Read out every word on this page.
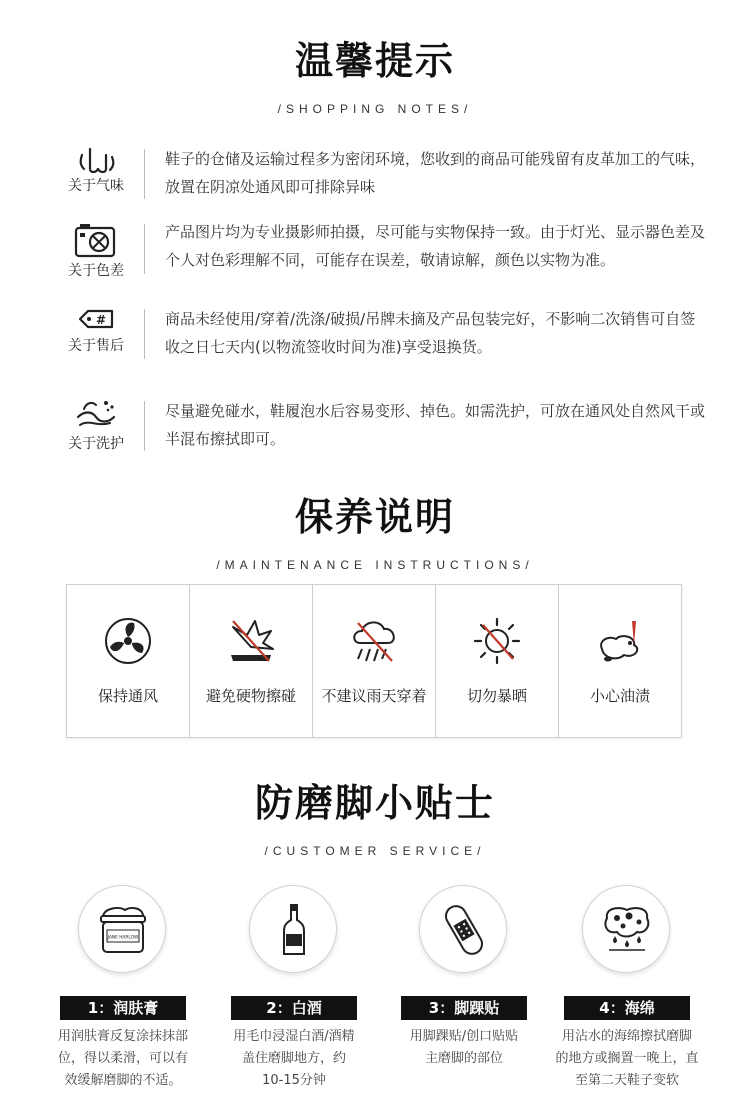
温馨提示
/SHOPPING NOTES/
关于气味
鞋子的仓储及运输过程多为密闭环境，您收到的商品可能残留有皮革加工的气味，放置在阴凉处通风即可排除异味
关于色差
产品图片均为专业摄影师拍摄，尽可能与实物保持一致。由于灯光、显示器色差及个人对色彩理解不同，可能存在误差，敬请谅解，颜色以实物为准。
#
关于售后
商品未经使用/穿着/洗涤/破损/吊牌未摘及产品包装完好，不影响二次销售可自签收之日七天内(以物流签收时间为准)享受退换货。
关于洗护
尽量避免碰水，鞋履泡水后容易变形、掉色。如需洗护，可放在通风处自然风干或半混布擦拭即可。
保养说明
/MAINTENANCE INSTRUCTIONS/
保持通风	避免硬物擦碰	不建议雨天穿着	切勿暴晒	小心油渍
防磨脚小贴士
/CUSTOMER SERVICE/
JANE HARLOW
1：润肤膏
用润肤膏反复涂抹抹部
位，得以柔滑，可以有
效缓解磨脚的不适。
2：白酒
用毛巾浸湿白酒/酒精
盖住磨脚地方，约
10-15分钟
3：脚踝贴
用脚踝贴/创口贴贴
主磨脚的部位
4：海绵
用沾水的海绵擦拭磨脚
的地方或搁置一晚上，直
至第二天鞋子变软
